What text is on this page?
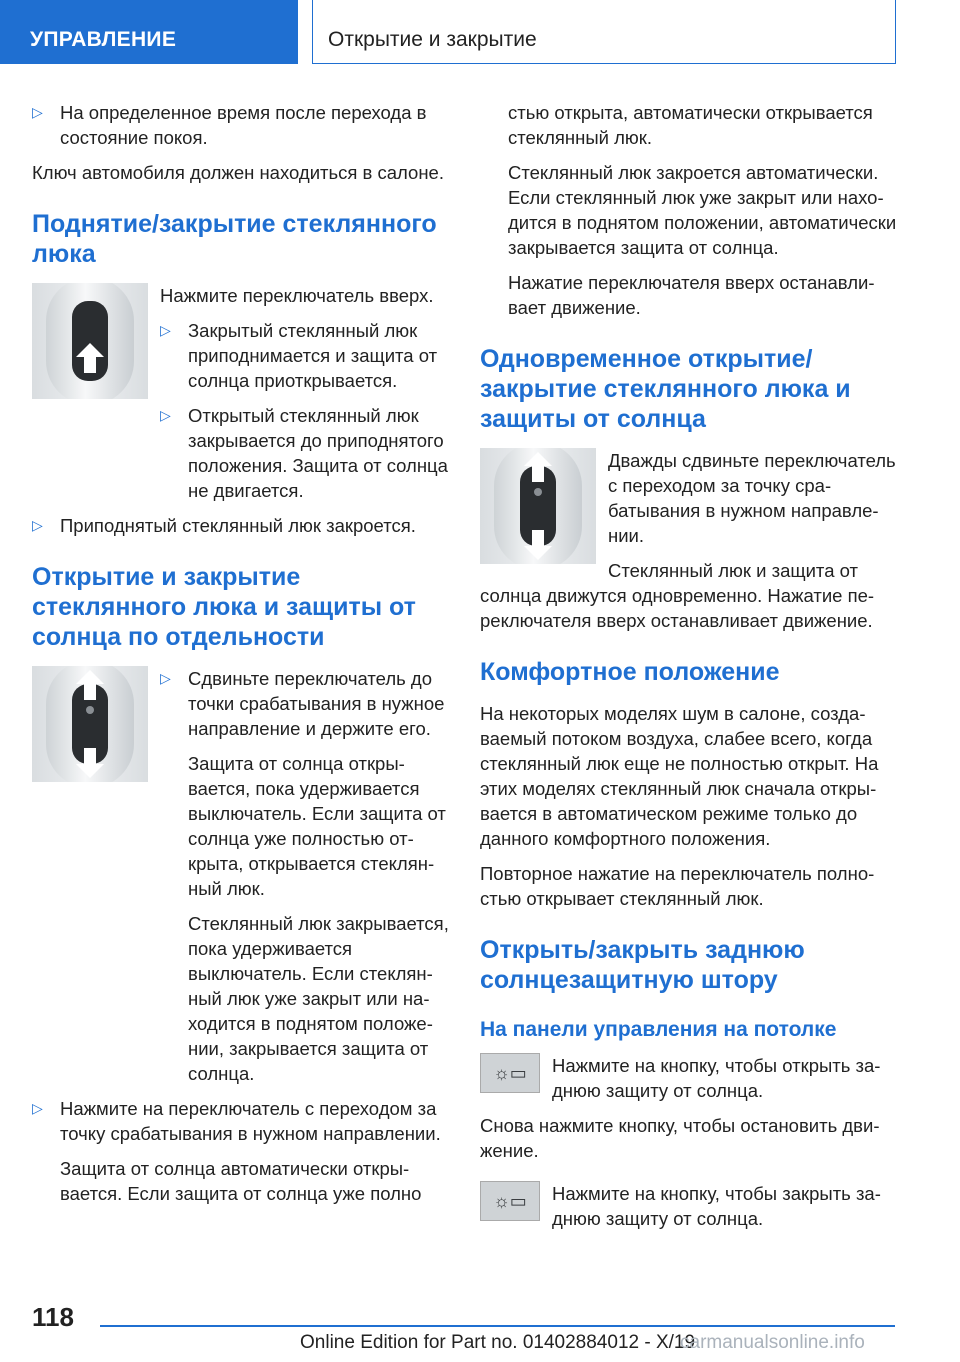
УПРАВЛЕНИЕ	Открытие и закрытие
▷ На определенное время после перехода в состояние покоя.

Ключ автомобиля должен находиться в салоне.

Поднятие/закрытие стеклянного люка

Нажмите переключатель вверх.

▷ Закрытый стеклянный люк приподнимается и защита от солнца приоткрывается.

▷ Открытый стеклянный люк закрывается до приподнятого положения. Защита от солнца не двигается.

▷ Приподнятый стеклянный люк закроется.

Открытие и закрытие стеклянного люка и защиты от солнца по отдельности
▷ Сдвиньте переключатель до точки срабатывания в нужное направление и держите его.

Защита от солнца открывается, пока удерживается выключатель. Если защита от солнца уже полностью открыта, открывается стеклянный люк.

Стеклянный люк закрывается, пока удерживается выключатель. Если стеклянный люк уже закрыт или находится в поднятом положении, закрывается защита от солнца.

▷ Нажмите на переключатель с переходом за точку срабатывания в нужном направлении.

Защита от солнца автоматически открывается. Если защита от солнца уже полно

стью открыта, автоматически открывается стеклянный люк.

Стеклянный люк закроется автоматически. Если стеклянный люк уже закрыт или находится в поднятом положении, автоматически закрывается защита от солнца.

Нажатие переключателя вверх останавливает движение.

Одновременное открытие/закрытие стеклянного люка и защиты от солнца

Дважды сдвиньте переключатель с переходом за точку срабатывания в нужном направлении.

Стеклянный люк и защита от солнца движутся одновременно. Нажатие переключателя вверх останавливает движение.

Комфортное положение

На некоторых моделях шум в салоне, создаваемый потоком воздуха, слабее всего, когда стеклянный люк еще не полностью открыт. На этих моделях стеклянный люк сначала открывается в автоматическом режиме только до данного комфортного положения.

Повторное нажатие на переключатель полностью открывает стеклянный люк.

Открыть/закрыть заднюю солнцезащитную штору
На панели управления на потолке
☼▭ Нажмите на кнопку, чтобы открыть заднюю защиту от солнца.

Снова нажмите кнопку, чтобы остановить движение.

☼▭ Нажмите на кнопку, чтобы закрыть заднюю защиту от солнца.

118
Online Edition for Part no. 01402884012 - X/19
carmanualsonline.info
